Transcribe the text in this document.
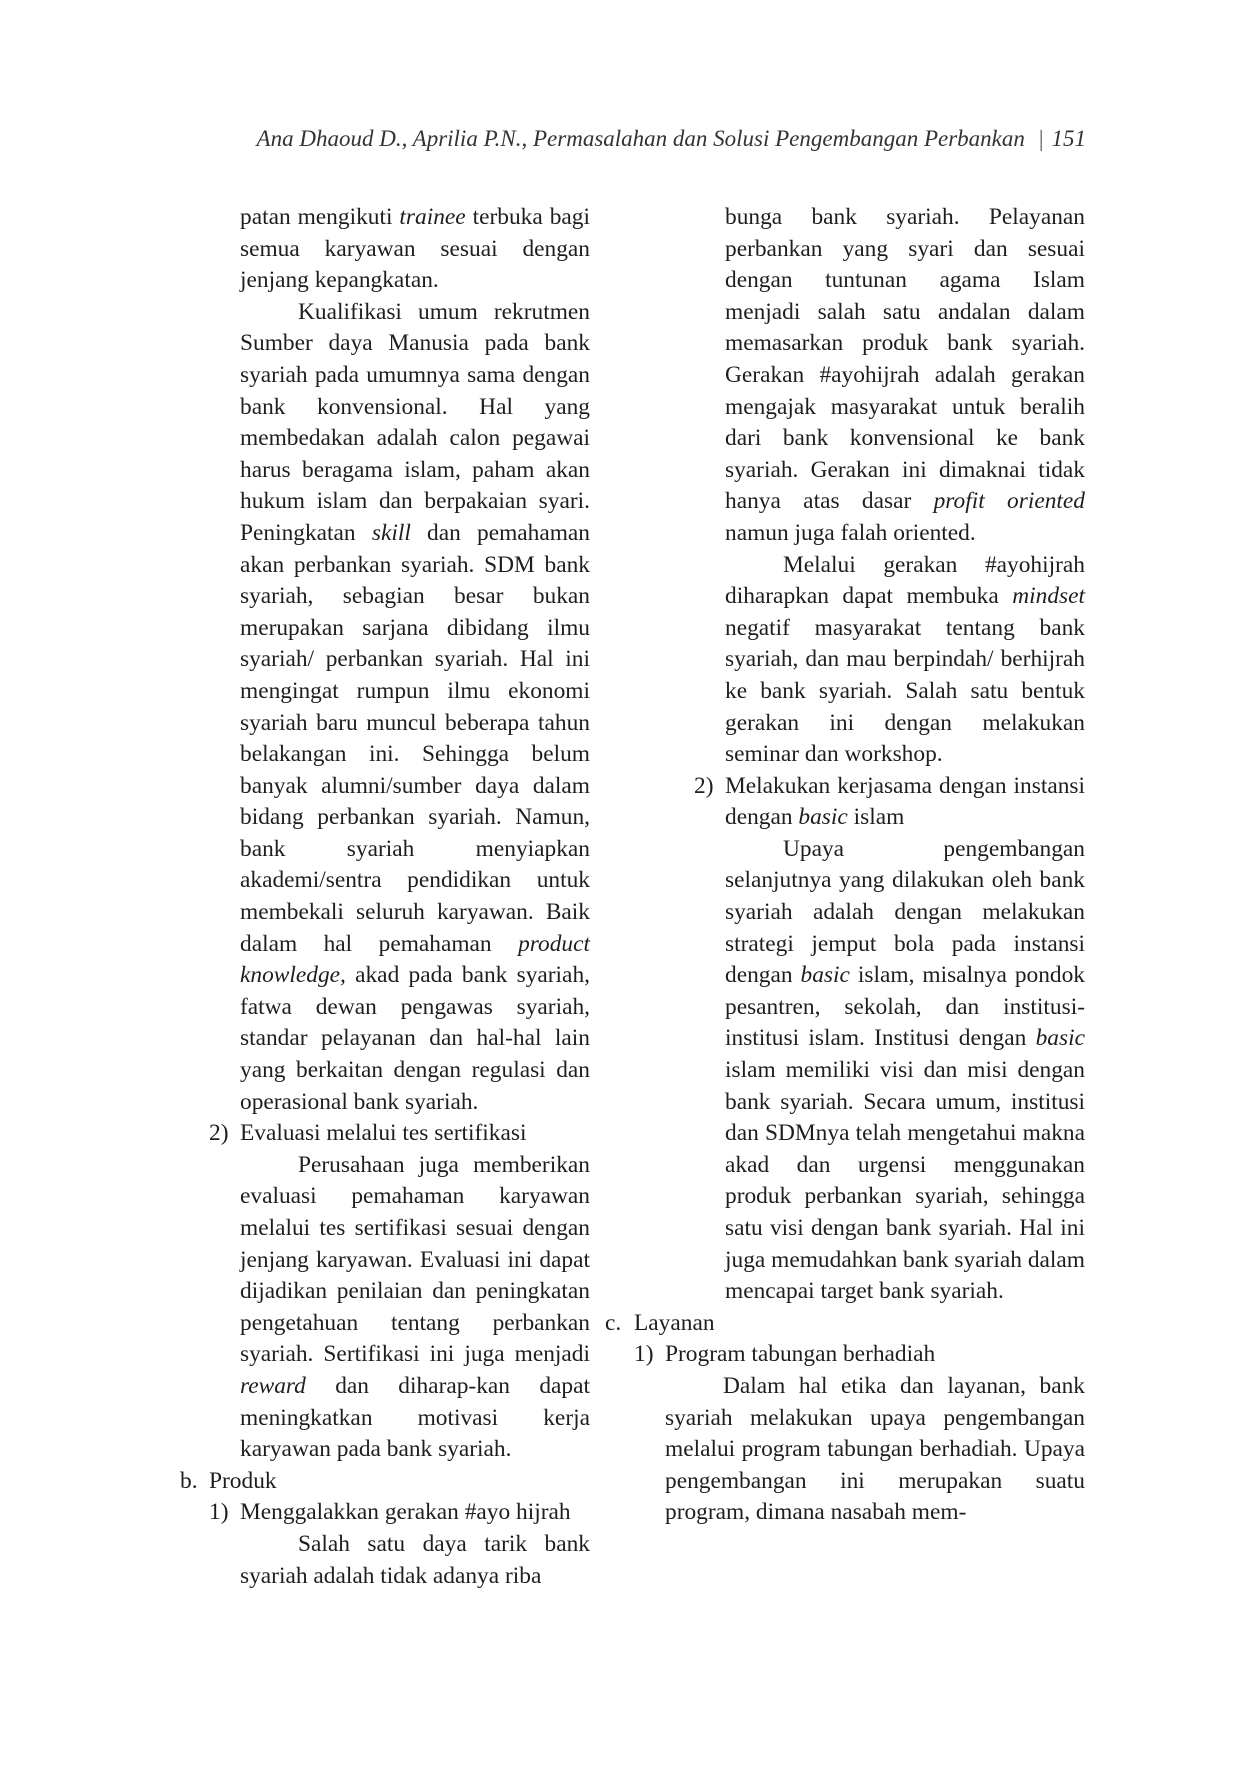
Ana Dhaoud D., Aprilia P.N., Permasalahan dan Solusi Pengembangan Perbankan | 151

patan mengikuti trainee terbuka bagi semua karyawan sesuai dengan jenjang kepangkatan.

Kualifikasi umum rekrutmen Sumber daya Manusia pada bank syariah pada umumnya sama dengan bank konvensional. Hal yang membedakan adalah calon pegawai harus beragama islam, paham akan hukum islam dan berpakaian syari. Peningkatan skill dan pemahaman akan perbankan syariah. SDM bank syariah, sebagian besar bukan merupakan sarjana dibidang ilmu syariah/ perbankan syariah. Hal ini mengingat rumpun ilmu ekonomi syariah baru muncul beberapa tahun belakangan ini. Sehingga belum banyak alumni/sumber daya dalam bidang perbankan syariah. Namun, bank syariah menyiapkan akademi/sentra pendidikan untuk membekali seluruh karyawan. Baik dalam hal pemahaman product knowledge, akad pada bank syariah, fatwa dewan pengawas syariah, standar pelayanan dan hal-hal lain yang berkaitan dengan regulasi dan operasional bank syariah.

2) Evaluasi melalui tes sertifikasi

Perusahaan juga memberikan evaluasi pemahaman karyawan melalui tes sertifikasi sesuai dengan jenjang karyawan. Evaluasi ini dapat dijadikan penilaian dan peningkatan pengetahuan tentang perbankan syariah. Sertifikasi ini juga menjadi reward dan diharap-kan dapat meningkatkan motivasi kerja karyawan pada bank syariah.

b. Produk
1) Menggalakkan gerakan #ayo hijrah

Salah satu daya tarik bank syariah adalah tidak adanya riba

bunga bank syariah. Pelayanan perbankan yang syari dan sesuai dengan tuntunan agama Islam menjadi salah satu andalan dalam memasarkan produk bank syariah. Gerakan #ayohijrah adalah gerakan mengajak masyarakat untuk beralih dari bank konvensional ke bank syariah. Gerakan ini dimaknai tidak hanya atas dasar profit oriented namun juga falah oriented.

Melalui gerakan #ayohijrah diharapkan dapat membuka mindset negatif masyarakat tentang bank syariah, dan mau berpindah/ berhijrah ke bank syariah. Salah satu bentuk gerakan ini dengan melakukan seminar dan workshop.

2) Melakukan kerjasama dengan instansi dengan basic islam

Upaya pengembangan selanjutnya yang dilakukan oleh bank syariah adalah dengan melakukan strategi jemput bola pada instansi dengan basic islam, misalnya pondok pesantren, sekolah, dan institusi-institusi islam. Institusi dengan basic islam memiliki visi dan misi dengan bank syariah. Secara umum, institusi dan SDMnya telah mengetahui makna akad dan urgensi menggunakan produk perbankan syariah, sehingga satu visi dengan bank syariah. Hal ini juga memudahkan bank syariah dalam mencapai target bank syariah.

c. Layanan
1) Program tabungan berhadiah

Dalam hal etika dan layanan, bank syariah melakukan upaya pengembangan melalui program tabungan berhadiah. Upaya pengembangan ini merupakan suatu program, dimana nasabah mem-
